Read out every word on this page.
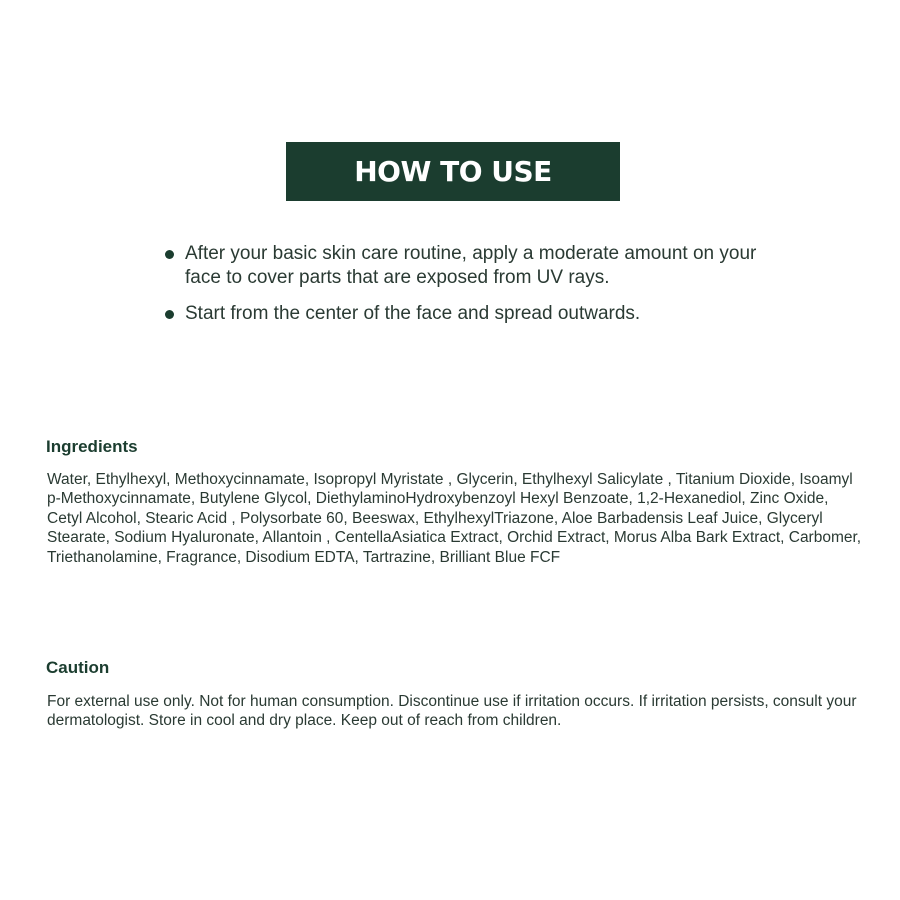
HOW TO USE
After your basic skin care routine, apply a moderate amount on your face to cover parts that are exposed from UV rays.
Start from the center of the face and spread outwards.
Ingredients
Water, Ethylhexyl, Methoxycinnamate, Isopropyl Myristate , Glycerin, Ethylhexyl Salicylate , Titanium Dioxide, Isoamyl p-Methoxycinnamate, Butylene Glycol, DiethylaminoHydroxybenzoyl Hexyl Benzoate, 1,2-Hexanediol, Zinc Oxide, Cetyl Alcohol, Stearic Acid , Polysorbate 60, Beeswax, EthylhexylTriazone, Aloe Barbadensis Leaf Juice, Glyceryl Stearate, Sodium Hyaluronate, Allantoin , CentellaAsiatica Extract, Orchid Extract, Morus Alba Bark Extract, Carbomer, Triethanolamine, Fragrance, Disodium EDTA, Tartrazine, Brilliant Blue FCF
Caution
For external use only. Not for human consumption. Discontinue use if irritation occurs. If irritation persists, consult your dermatologist. Store in cool and dry place. Keep out of reach from children.
